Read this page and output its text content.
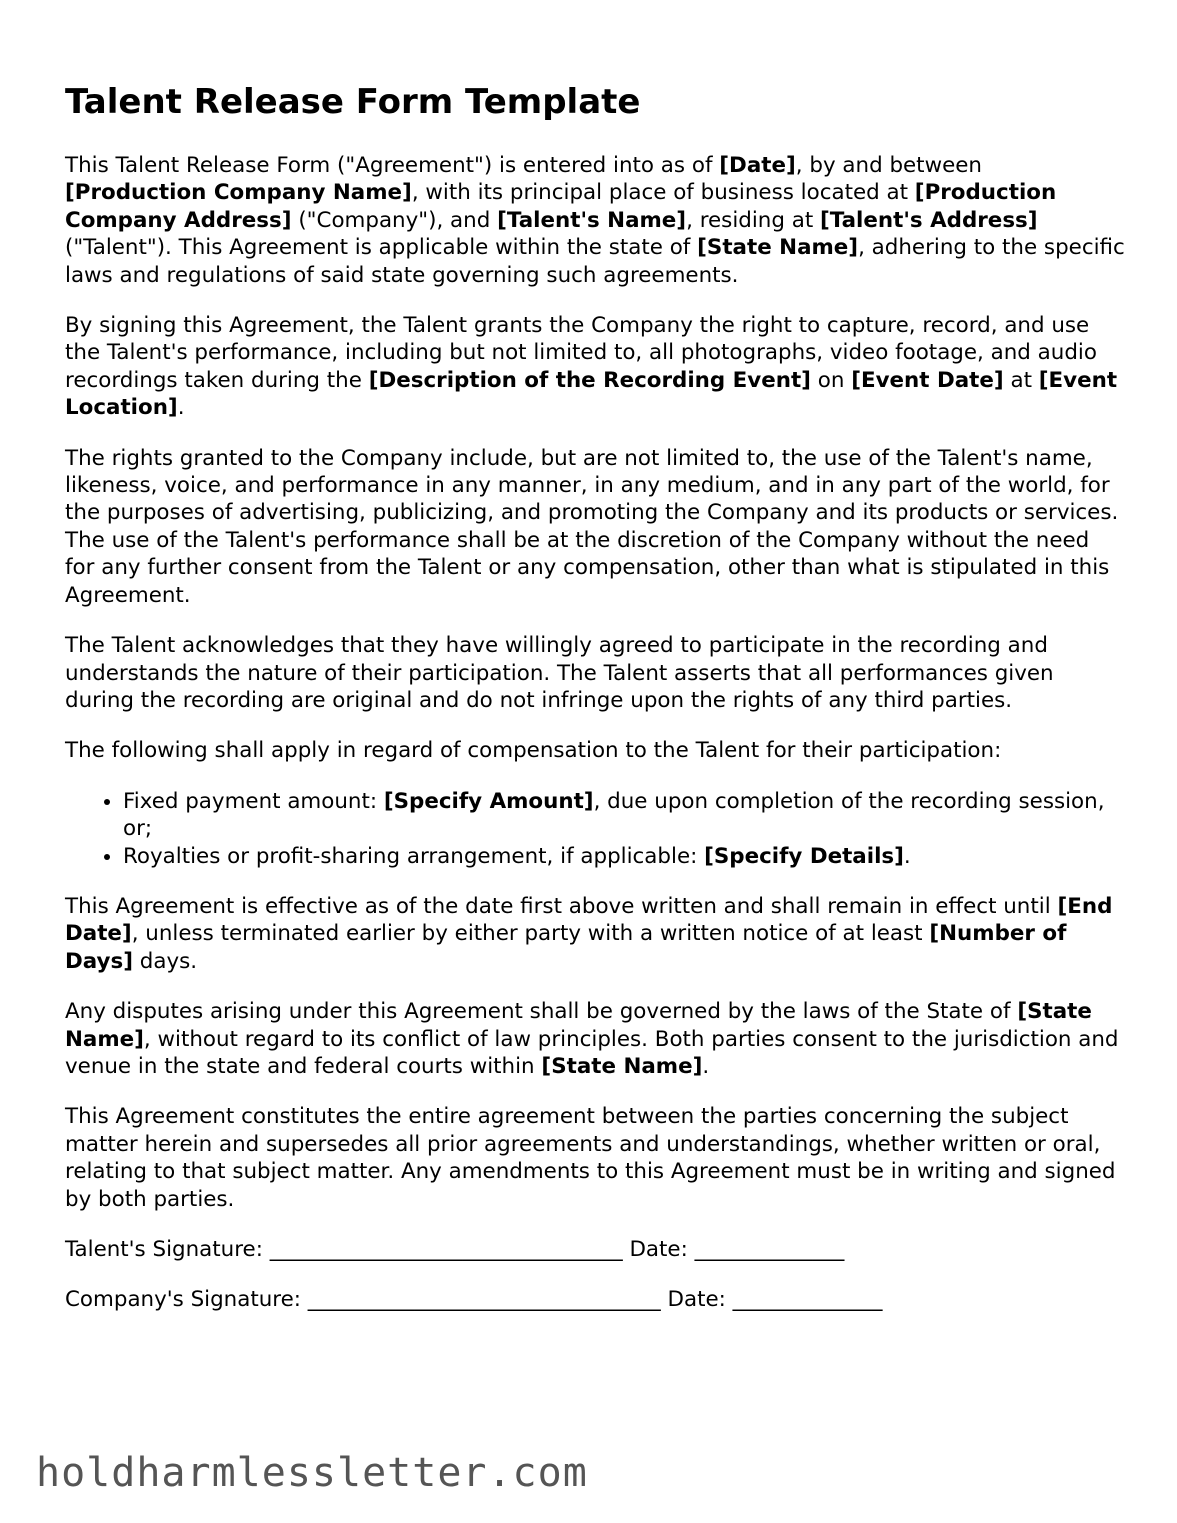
Talent Release Form Template

This Talent Release Form ("Agreement") is entered into as of [Date], by and between [Production Company Name], with its principal place of business located at [Production Company Address] ("Company"), and [Talent's Name], residing at [Talent's Address] ("Talent"). This Agreement is applicable within the state of [State Name], adhering to the specific laws and regulations of said state governing such agreements.

By signing this Agreement, the Talent grants the Company the right to capture, record, and use the Talent's performance, including but not limited to, all photographs, video footage, and audio recordings taken during the [Description of the Recording Event] on [Event Date] at [Event Location].

The rights granted to the Company include, but are not limited to, the use of the Talent's name, likeness, voice, and performance in any manner, in any medium, and in any part of the world, for the purposes of advertising, publicizing, and promoting the Company and its products or services. The use of the Talent's performance shall be at the discretion of the Company without the need for any further consent from the Talent or any compensation, other than what is stipulated in this Agreement.

The Talent acknowledges that they have willingly agreed to participate in the recording and understands the nature of their participation. The Talent asserts that all performances given during the recording are original and do not infringe upon the rights of any third parties.

The following shall apply in regard of compensation to the Talent for their participation:

• Fixed payment amount: [Specify Amount], due upon completion of the recording session, or;
• Royalties or profit-sharing arrangement, if applicable: [Specify Details].

This Agreement is effective as of the date first above written and shall remain in effect until [End Date], unless terminated earlier by either party with a written notice of at least [Number of Days] days.

Any disputes arising under this Agreement shall be governed by the laws of the State of [State Name], without regard to its conflict of law principles. Both parties consent to the jurisdiction and venue in the state and federal courts within [State Name].

This Agreement constitutes the entire agreement between the parties concerning the subject matter herein and supersedes all prior agreements and understandings, whether written or oral, relating to that subject matter. Any amendments to this Agreement must be in writing and signed by both parties.

Talent's Signature: _________________________________ Date: ______________
Company's Signature: _________________________________ Date: ______________
holdharmlessletter.com
